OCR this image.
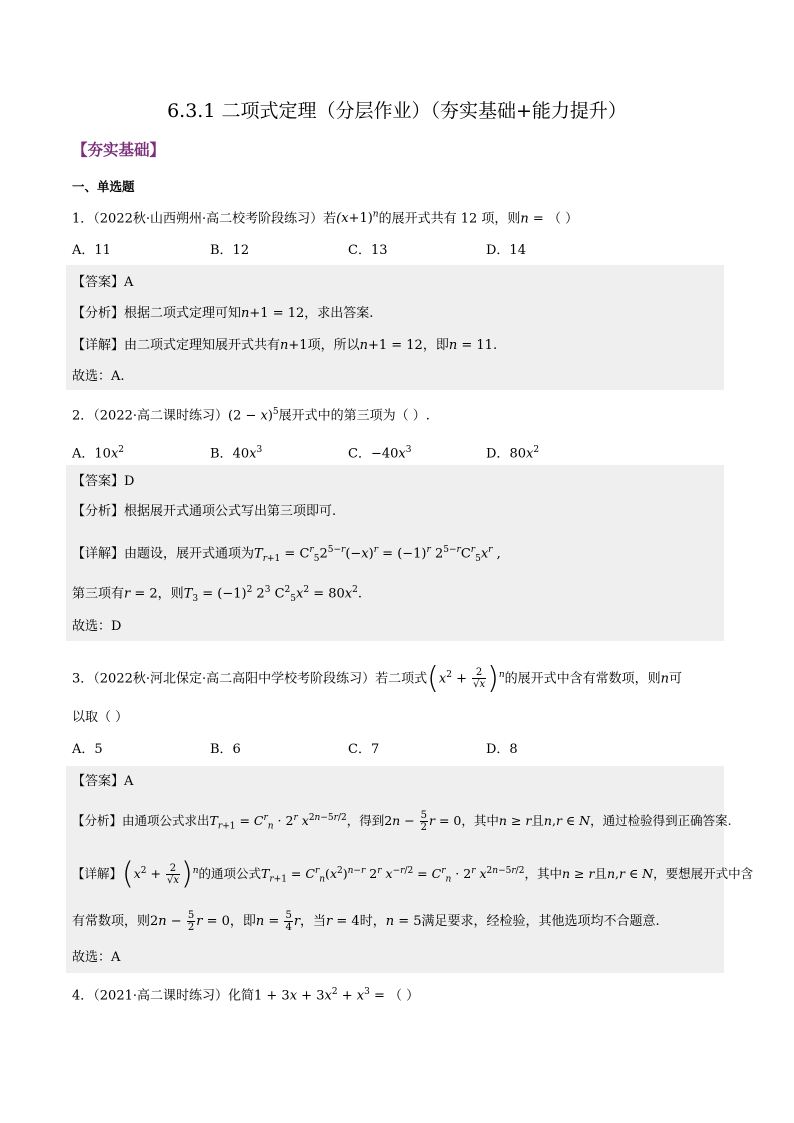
6.3.1 二项式定理（分层作业）（夯实基础+能力提升）
【夯实基础】
一、单选题
1．（2022秋·山西朔州·高二校考阶段练习）若$(x+1)^n$的展开式共有 12 项，则n = （ ）
A．11	B．12	C．13	D．14
【答案】A
【分析】根据二项式定理可知n+1 = 12，求出答案.
【详解】由二项式定理知展开式共有n+1项，所以n+1 = 12，即n = 11.
故选：A.
2．（2022·高二课时练习）$(2 - x)^5$展开式中的第三项为（ ）.
A．$10x^2$	B．$40x^3$	C．$-40x^3$	D．$80x^2$
【答案】D
【分析】根据展开式通项公式写出第三项即可.
【详解】由题设，展开式通项为$T_{r+1} = C^r_52^{5-r}(-x)^r = (-1)^r$ $2^{5-r}C^r_5x^r$ ,
第三项有r = 2，则$T_3 = (-1)^2$ $2^3$ $C^2_5x^2 = 80x^2$.
故选：D
3．（2022秋·河北保定·高二高阳中学校考阶段练习）若二项式$(x^2 + \frac{2}{√x} )^n$的展开式中含有常数项，则n可
以取（ ）
A．5	B．6	C．7	D．8
【答案】A
【分析】由通项公式求出$T_{r+1} = C^r_n \cdot 2^r$ $x^{2n-5r/2}$，得到$2n - \frac{5}{2}$ r = 0，其中n ≥ r且n,r ∈ N，通过检验得到正确答案.
【详解】$(x^2 + \frac{2}{√x} )^n$的通项公式$T_{r+1} = C^r_n(x^2)^{n-r}$ 2$^r$ $x^{-r/2} = C^r_n \cdot 2^r$ $x^{2n-5r/2}$，其中n ≥ r且n,r ∈ N，要想展开式中含
有常数项，则$2n - \frac{5}{2}$ r = 0，即$n = \frac{5}{4}$ r，当r = 4时，n = 5满足要求，经检验，其他选项均不合题意.
故选：A
4．（2021·高二课时练习）化简$1 + 3x + 3x^2 + x^3$ = （ ）
